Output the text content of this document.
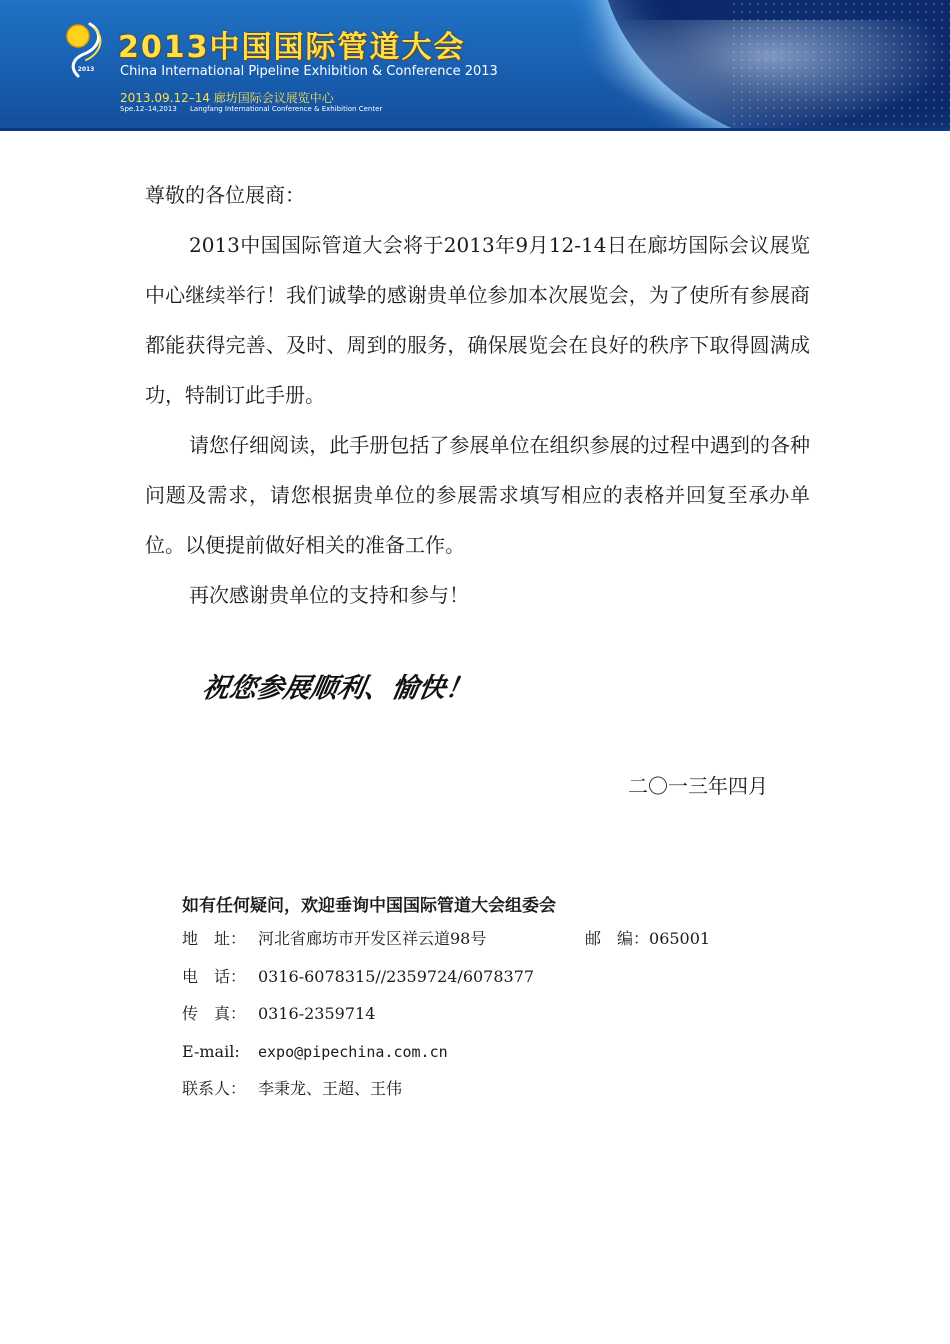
2013
2013中国国际管道大会
China International Pipeline Exhibition & Conference 2013
2013.09.12–14 廊坊国际会议展览中心
Spe.12–14,2013 Langfang International Conference & Exhibition Center

尊敬的各位展商：

2013中国国际管道大会将于2013年9月12-14日在廊坊国际会议展览中心继续举行！我们诚挚的感谢贵单位参加本次展览会，为了使所有参展商都能获得完善、及时、周到的服务，确保展览会在良好的秩序下取得圆满成功，特制订此手册。

请您仔细阅读，此手册包括了参展单位在组织参展的过程中遇到的各种问题及需求，请您根据贵单位的参展需求填写相应的表格并回复至承办单位。以便提前做好相关的准备工作。

再次感谢贵单位的支持和参与！

祝您参展顺利、愉快！
二〇一三年四月
如有任何疑问，欢迎垂询中国国际管道大会组委会
地　址： 河北省廊坊市开发区祥云道98号	邮　编：065001
电　话： 0316-6078315//2359724/6078377
传　真： 0316-2359714
E-mail: expo@pipechina.com.cn
联系人： 李秉龙、王超、王伟
